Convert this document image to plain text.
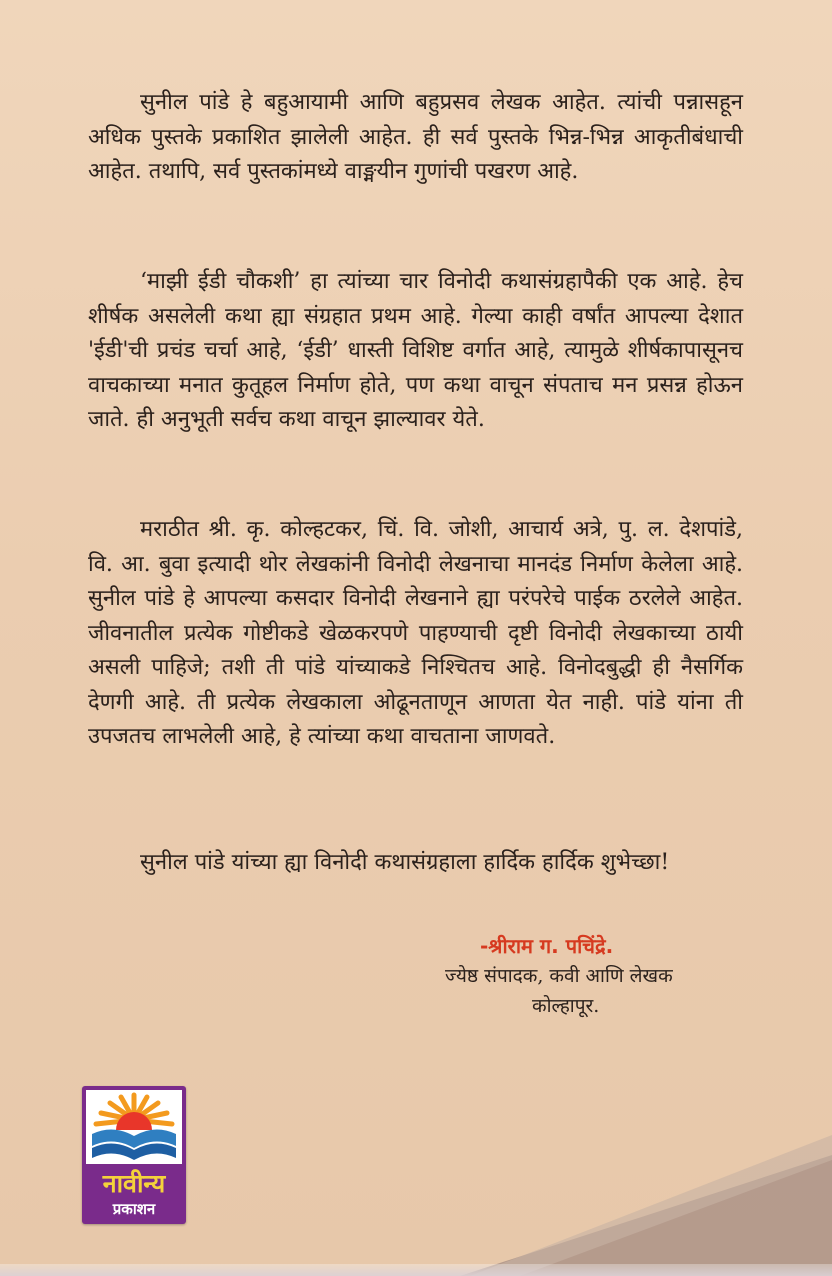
सुनील पांडे हे बहुआयामी आणि बहुप्रसव लेखक आहेत. त्यांची पन्नासहून अधिक पुस्तके प्रकाशित झालेली आहेत. ही सर्व पुस्तके भिन्न-भिन्न आकृतीबंधाची आहेत. तथापि, सर्व पुस्तकांमध्ये वाङ्मयीन गुणांची पखरण आहे.

‘माझी ईडी चौकशी’ हा त्यांच्या चार विनोदी कथासंग्रहापैकी एक आहे. हेच शीर्षक असलेली कथा ह्या संग्रहात प्रथम आहे. गेल्या काही वर्षांत आपल्या देशात 'ईडी'ची प्रचंड चर्चा आहे, ‘ईडी’ धास्ती विशिष्ट वर्गात आहे, त्यामुळे शीर्षकापासूनच वाचकाच्या मनात कुतूहल निर्माण होते, पण कथा वाचून संपताच मन प्रसन्न होऊन जाते. ही अनुभूती सर्वच कथा वाचून झाल्यावर येते.

मराठीत श्री. कृ. कोल्हटकर, चिं. वि. जोशी, आचार्य अत्रे, पु. ल. देशपांडे, वि. आ. बुवा इत्यादी थोर लेखकांनी विनोदी लेखनाचा मानदंड निर्माण केलेला आहे. सुनील पांडे हे आपल्या कसदार विनोदी लेखनाने ह्या परंपरेचे पाईक ठरलेले आहेत. जीवनातील प्रत्येक गोष्टीकडे खेळकरपणे पाहण्याची दृष्टी विनोदी लेखकाच्या ठायी असली पाहिजे; तशी ती पांडे यांच्याकडे निश्चितच आहे. विनोदबुद्धी ही नैसर्गिक देणगी आहे. ती प्रत्येक लेखकाला ओढूनताणून आणता येत नाही. पांडे यांना ती उपजतच लाभलेली आहे, हे त्यांच्या कथा वाचताना जाणवते.

सुनील पांडे यांच्या ह्या विनोदी कथासंग्रहाला हार्दिक हार्दिक शुभेच्छा!

-श्रीराम ग. पचिंद्रे.

ज्येष्ठ संपादक, कवी आणि लेखक

कोल्हापूर.

नावीन्य
प्रकाशन
